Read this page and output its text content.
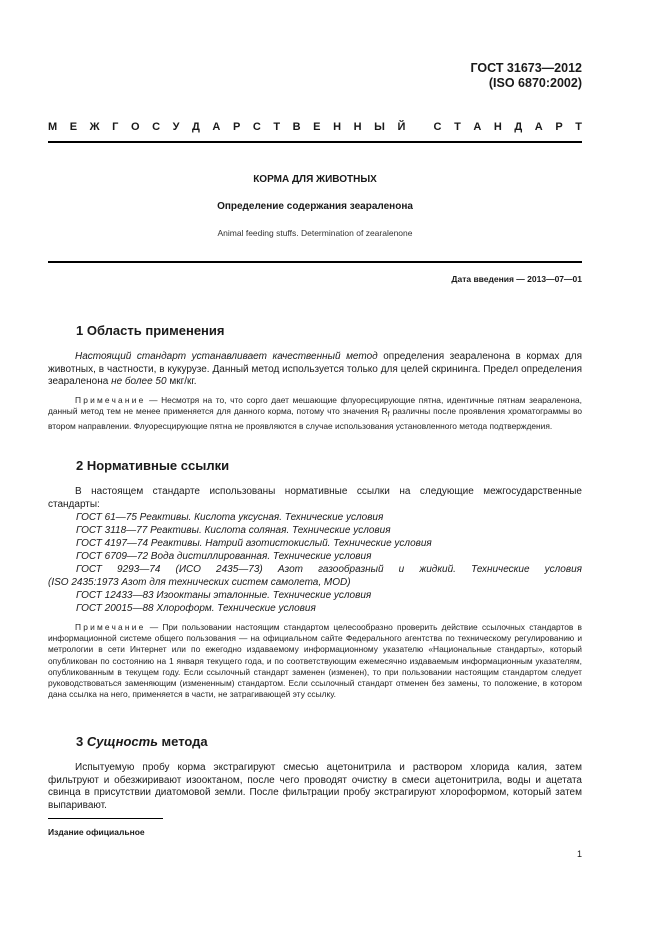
ГОСТ 31673—2012
(ISO 6870:2002)
М Е Ж Г О С У Д А Р С Т В Е Н Н Ы Й
	С Т А Н Д А Р Т
КОРМА ДЛЯ ЖИВОТНЫХ
Определение содержания зеараленона
Animal feeding stuffs. Determination of zearalenone
Дата введения — 2013—07—01
1 Область применения

Настоящий стандарт устанавливает качественный метод определения зеараленона в кормах для животных, в частности, в кукурузе. Данный метод используется только для целей скрининга. Предел определения зеараленона не более 50 мкг/кг.

Примечание — Несмотря на то, что сорго дает мешающие флуоресцирующие пятна, идентичные пятнам зеараленона, данный метод тем не менее применяется для данного корма, потому что значения $R_f$ различны после проявления хроматограммы во втором направлении. Флуоресцирующие пятна не проявляются в случае использования установленного метода подтверждения.

2 Нормативные ссылки

В настоящем стандарте использованы нормативные ссылки на следующие межгосударственные стандарты:

ГОСТ 61—75 Реактивы. Кислота уксусная. Технические условия

ГОСТ 3118—77 Реактивы. Кислота соляная. Технические условия

ГОСТ 4197—74 Реактивы. Натрий азотистокислый. Технические условия

ГОСТ 6709—72 Вода дистиллированная. Технические условия

ГОСТ 9293—74 (ИСО 2435—73) Азот газообразный и жидкий. Технические условия

(ISO 2435:1973 Азот для технических систем самолета, MOD)

ГОСТ 12433—83 Изооктаны эталонные. Технические условия

ГОСТ 20015—88 Хлороформ. Технические условия

Примечание — При пользовании настоящим стандартом целесообразно проверить действие ссылочных стандартов в информационной системе общего пользования — на официальном сайте Федерального агентства по техническому регулированию и метрологии в сети Интернет или по ежегодно издаваемому информационному указателю «Национальные стандарты», который опубликован по состоянию на 1 января текущего года, и по соответствующим ежемесячно издаваемым информационным указателям, опубликованным в текущем году. Если ссылочный стандарт заменен (изменен), то при пользовании настоящим стандартом следует руководствоваться заменяющим (измененным) стандартом. Если ссылочный стандарт отменен без замены, то положение, в котором дана ссылка на него, применяется в части, не затрагивающей эту ссылку.

3 Сущность метода

Испытуемую пробу корма экстрагируют смесью ацетонитрила и раствором хлорида калия, затем фильтруют и обезжиривают изооктаном, после чего проводят очистку в смеси ацетонитрила, воды и ацетата свинца в присутствии диатомовой земли. После фильтрации пробу экстрагируют хлороформом, который затем выпаривают.

Издание официальное
1
